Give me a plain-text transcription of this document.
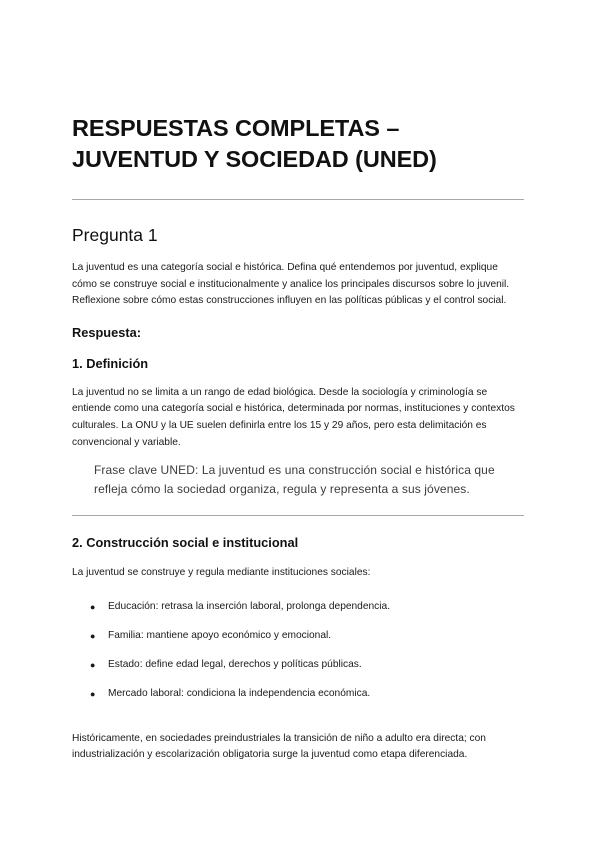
RESPUESTAS COMPLETAS – JUVENTUD Y SOCIEDAD (UNED)
Pregunta 1

La juventud es una categoría social e histórica. Defina qué entendemos por juventud, explique cómo se construye social e institucionalmente y analice los principales discursos sobre lo juvenil. Reflexione sobre cómo estas construcciones influyen en las políticas públicas y el control social.

Respuesta:
1. Definición

La juventud no se limita a un rango de edad biológica. Desde la sociología y criminología se entiende como una categoría social e histórica, determinada por normas, instituciones y contextos culturales. La ONU y la UE suelen definirla entre los 15 y 29 años, pero esta delimitación es convencional y variable.

Frase clave UNED: La juventud es una construcción social e histórica que refleja cómo la sociedad organiza, regula y representa a sus jóvenes.

2. Construcción social e institucional

La juventud se construye y regula mediante instituciones sociales:

● Educación: retrasa la inserción laboral, prolonga dependencia.
● Familia: mantiene apoyo económico y emocional.
● Estado: define edad legal, derechos y políticas públicas.
● Mercado laboral: condiciona la independencia económica.

Históricamente, en sociedades preindustriales la transición de niño a adulto era directa; con industrialización y escolarización obligatoria surge la juventud como etapa diferenciada.
